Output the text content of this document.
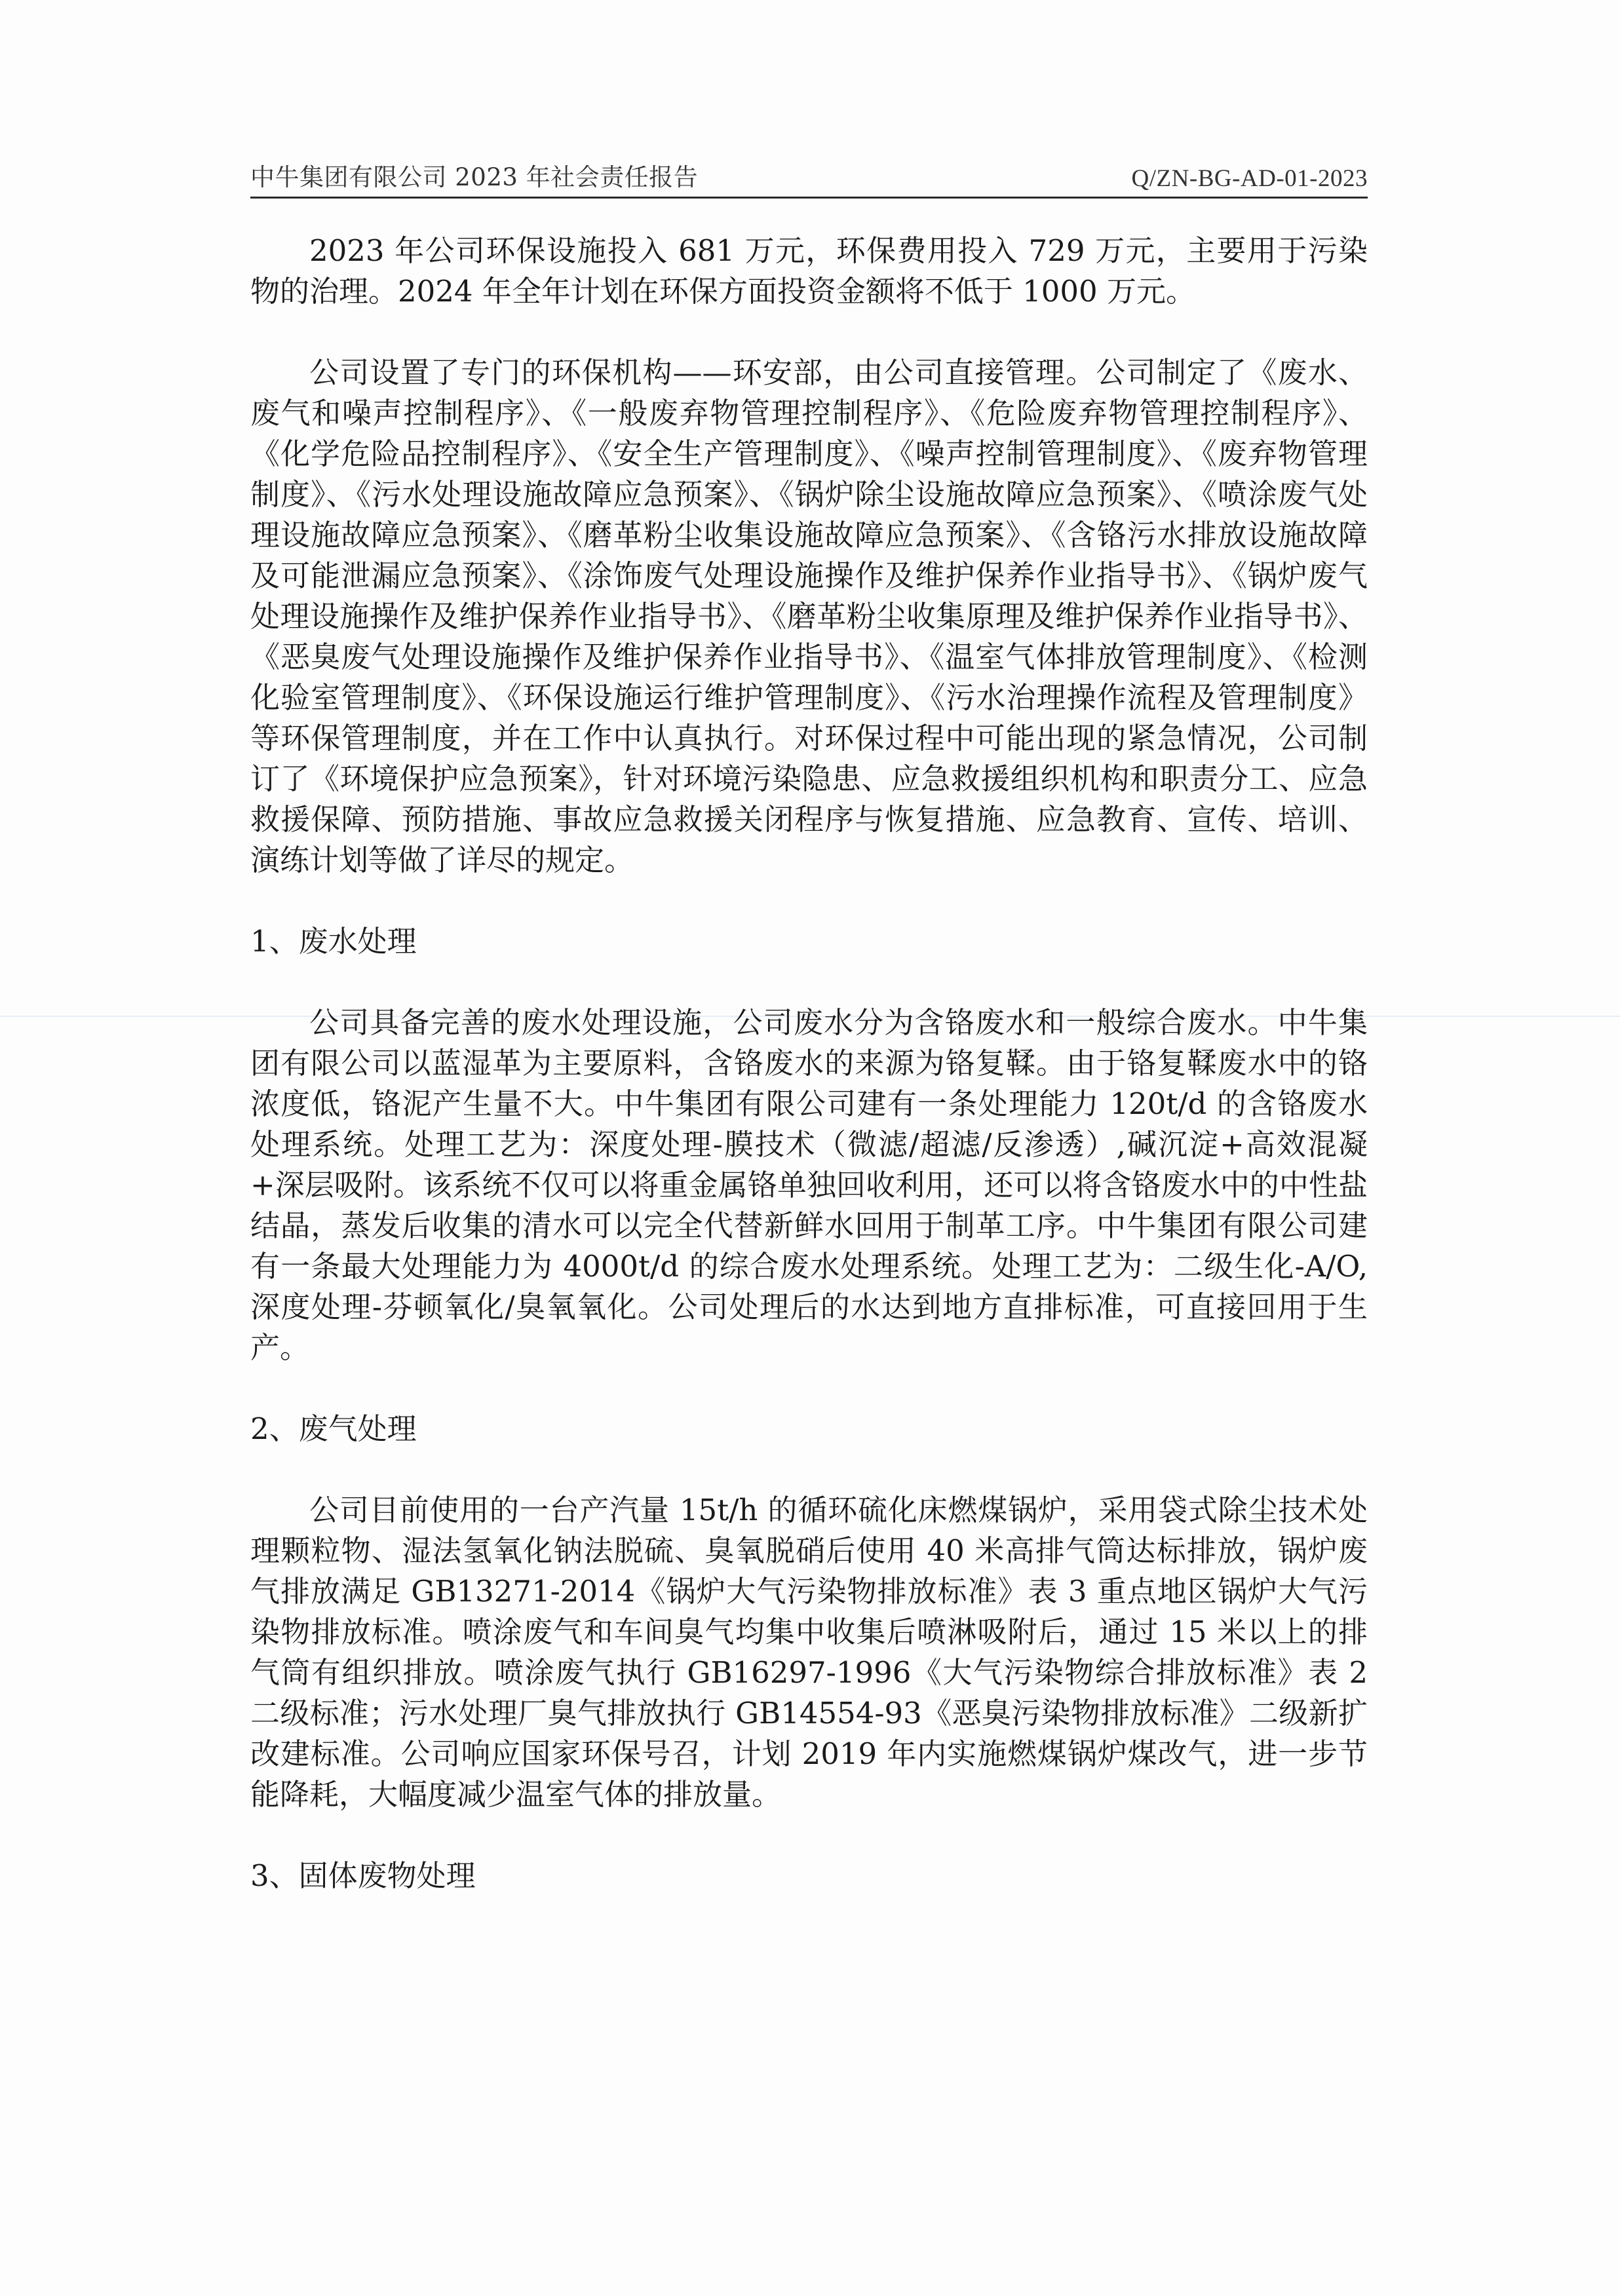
中牛集团有限公司 2023 年社会责任报告	Q/ZN-BG-AD-01-2023

2023 年公司环保设施投入 681 万元，环保费用投入 729 万元，主要用于污染物的治理。2024 年全年计划在环保方面投资金额将不低于 1000 万元。

公司设置了专门的环保机构——环安部，由公司直接管理。公司制定了《废水、废气和噪声控制程序》、《一般废弃物管理控制程序》、《危险废弃物管理控制程序》、《化学危险品控制程序》、《安全生产管理制度》、《噪声控制管理制度》、《废弃物管理制度》、《污水处理设施故障应急预案》、《锅炉除尘设施故障应急预案》、《喷涂废气处理设施故障应急预案》、《磨革粉尘收集设施故障应急预案》、《含铬污水排放设施故障及可能泄漏应急预案》、《涂饰废气处理设施操作及维护保养作业指导书》、《锅炉废气处理设施操作及维护保养作业指导书》、《磨革粉尘收集原理及维护保养作业指导书》、《恶臭废气处理设施操作及维护保养作业指导书》、《温室气体排放管理制度》、《检测化验室管理制度》、《环保设施运行维护管理制度》、《污水治理操作流程及管理制度》等环保管理制度，并在工作中认真执行。对环保过程中可能出现的紧急情况，公司制订了《环境保护应急预案》，针对环境污染隐患、应急救援组织机构和职责分工、应急救援保障、预防措施、事故应急救援关闭程序与恢复措施、应急教育、宣传、培训、演练计划等做了详尽的规定。

1、废水处理

公司具备完善的废水处理设施，公司废水分为含铬废水和一般综合废水。中牛集团有限公司以蓝湿革为主要原料，含铬废水的来源为铬复鞣。由于铬复鞣废水中的铬浓度低，铬泥产生量不大。中牛集团有限公司建有一条处理能力 120t/d 的含铬废水处理系统。处理工艺为：深度处理-膜技术（微滤/超滤/反渗透）,碱沉淀+高效混凝+深层吸附。该系统不仅可以将重金属铬单独回收利用，还可以将含铬废水中的中性盐结晶，蒸发后收集的清水可以完全代替新鲜水回用于制革工序。中牛集团有限公司建有一条最大处理能力为 4000t/d 的综合废水处理系统。处理工艺为：二级生化-A/O,深度处理-芬顿氧化/臭氧氧化。公司处理后的水达到地方直排标准，可直接回用于生产。

2、废气处理

公司目前使用的一台产汽量 15t/h 的循环硫化床燃煤锅炉，采用袋式除尘技术处理颗粒物、湿法氢氧化钠法脱硫、臭氧脱硝后使用 40 米高排气筒达标排放，锅炉废气排放满足 GB13271-2014《锅炉大气污染物排放标准》表 3 重点地区锅炉大气污染物排放标准。喷涂废气和车间臭气均集中收集后喷淋吸附后，通过 15 米以上的排气筒有组织排放。喷涂废气执行 GB16297-1996《大气污染物综合排放标准》表 2 二级标准；污水处理厂臭气排放执行 GB14554-93《恶臭污染物排放标准》二级新扩改建标准。公司响应国家环保号召，计划 2019 年内实施燃煤锅炉煤改气，进一步节能降耗，大幅度减少温室气体的排放量。

3、固体废物处理
